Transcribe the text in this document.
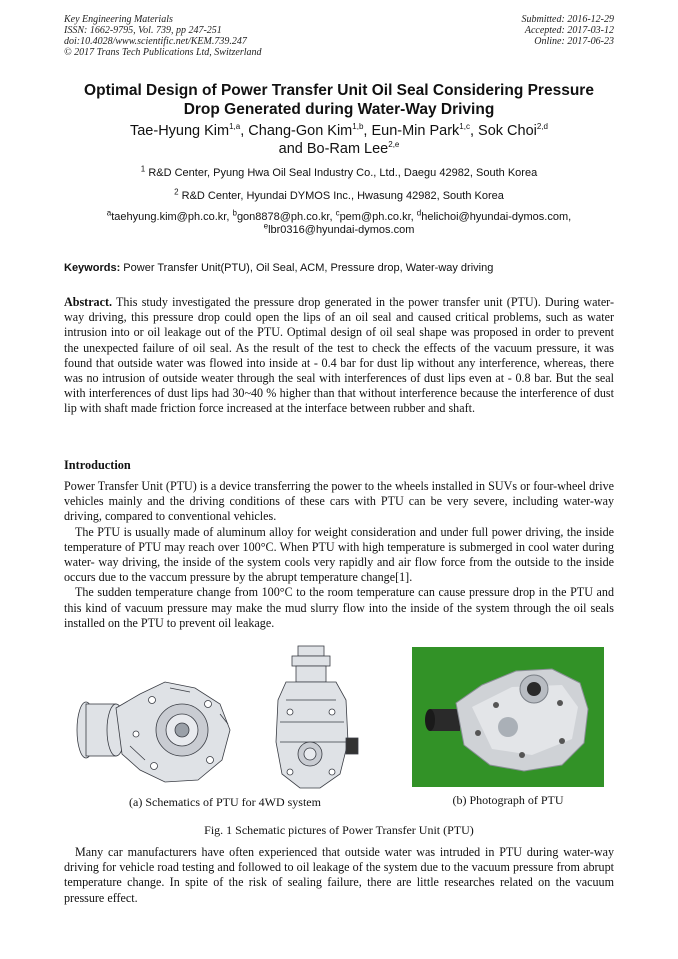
Key Engineering Materials
ISSN: 1662-9795, Vol. 739, pp 247-251
doi:10.4028/www.scientific.net/KEM.739.247
© 2017 Trans Tech Publications Ltd, Switzerland
Submitted: 2016-12-29
Accepted: 2017-03-12
Online: 2017-06-23
Optimal Design of Power Transfer Unit Oil Seal Considering Pressure
Drop Generated during Water-Way Driving
Tae-Hyung Kim$^{1,a}$, Chang-Gon Kim$^{1,b}$, Eun-Min Park$^{1,c}$, Sok Choi$^{2,d}$
and Bo-Ram Lee$^{2,e}$
$^1$ R&D Center, Pyung Hwa Oil Seal Industry Co., Ltd., Daegu 42982, South Korea
$^2$ R&D Center, Hyundai DYMOS Inc., Hwasung 42982, South Korea
$^a$taehyung.kim@ph.co.kr, $^b$gon8878@ph.co.kr, $^c$pem@ph.co.kr, $^d$helichoi@hyundai-dymos.com,
$^e$lbr0316@hyundai-dymos.com
Keywords: Power Transfer Unit(PTU), Oil Seal, ACM, Pressure drop, Water-way driving
Abstract. This study investigated the pressure drop generated in the power transfer unit (PTU). During water-way driving, this pressure drop could open the lips of an oil seal and caused critical problems, such as water intrusion into or oil leakage out of the PTU. Optimal design of oil seal shape was proposed in order to prevent the unexpected failure of oil seal. As the result of the test to check the effects of the vacuum pressure, it was found that outside water was flowed into inside at - 0.4 bar for dust lip without any interference, whereas, there was no intrusion of outside weater through the seal with interferences of dust lips even at - 0.8 bar. But the seal with interferences of dust lips had 30~40 % higher than that without interference because the interference of dust lip with shaft made friction force increased at the interface between rubber and shaft.
Introduction

Power Transfer Unit (PTU) is a device transferring the power to the wheels installed in SUVs or four-wheel drive vehicles mainly and the driving conditions of these cars with PTU can be very severe, including water-way driving, compared to conventional vehicles.

The PTU is usually made of aluminum alloy for weight consideration and under full power driving, the inside temperature of PTU may reach over 100°C. When PTU with high temperature is submerged in cool water during water- way driving, the inside of the system cools very rapidly and air flow force from the outside to the inside occurs due to the vaccum pressure by the abrupt temperature change[1].

The sudden temperature change from 100°C to the room temperature can cause pressure drop in the PTU and this kind of vacuum pressure may make the mud slurry flow into the inside of the system through the oil seals installed on the PTU to prevent oil leakage.

(a) Schematics of PTU for 4WD system	(b) Photograph of PTU
Fig. 1 Schematic pictures of Power Transfer Unit (PTU)

Many car manufacturers have often experienced that outside water was intruded in PTU during water-way driving for vehicle road testing and followed to oil leakage of the system due to the vacuum pressure from abrupt temperature change. In spite of the risk of sealing failure, there are little researches related on the vacuum pressure effect.
